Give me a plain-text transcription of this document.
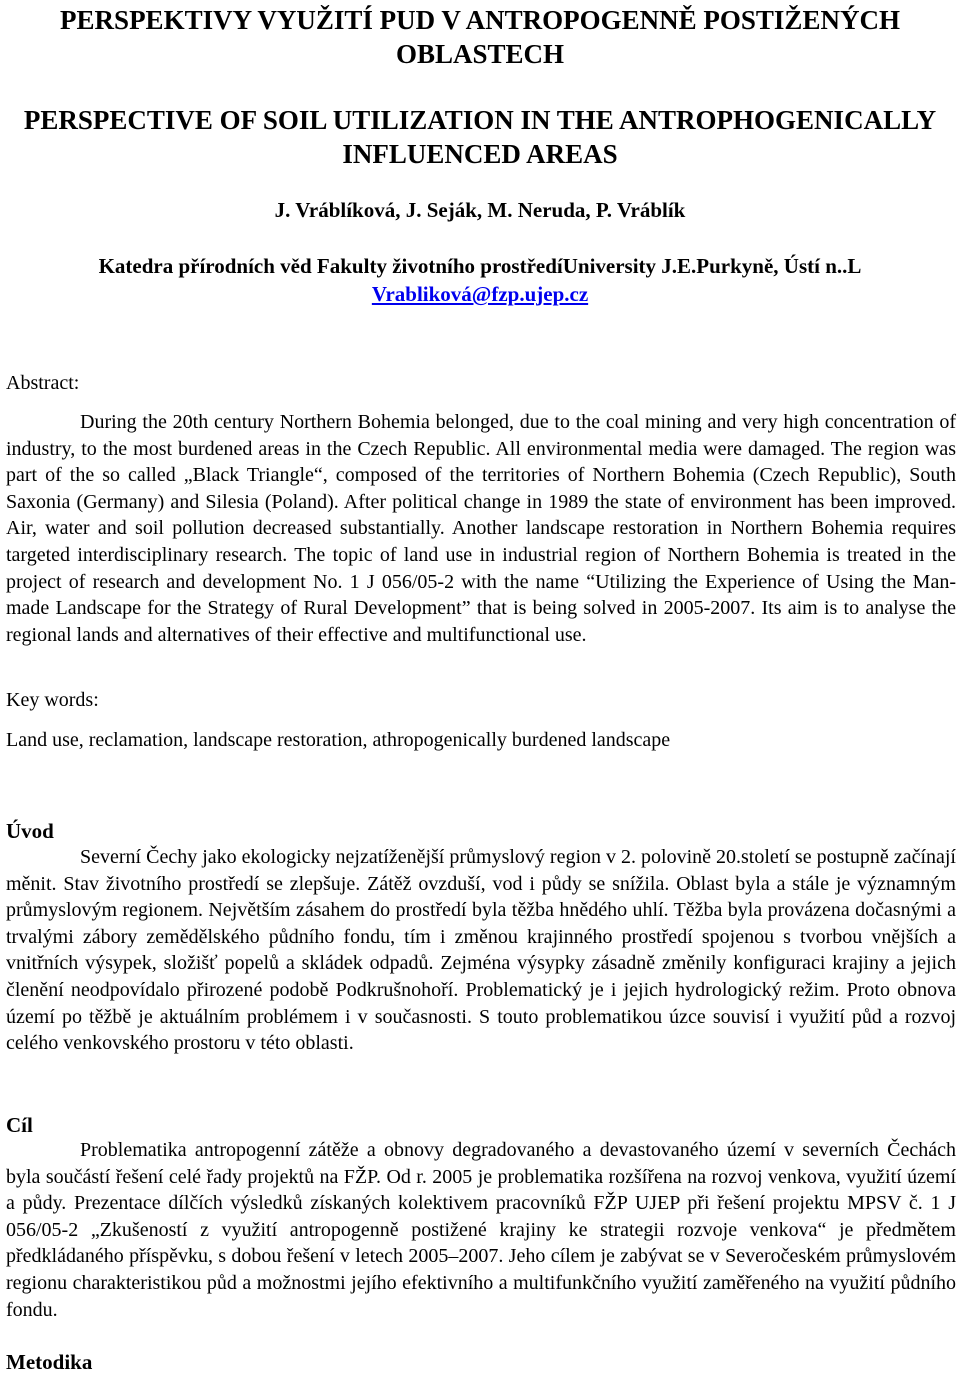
PERSPEKTIVY VYUŽITÍ PUD V ANTROPOGENNĚ POSTIŽENÝCH OBLASTECH
PERSPECTIVE OF SOIL UTILIZATION IN THE ANTROPHOGENICALLY INFLUENCED AREAS

J. Vráblíková, J. Seják, M. Neruda, P. Vráblík

Katedra přírodních věd Fakulty životního prostředíUniversity J.E.Purkyně, Ústí n..L
Vrabliková@fzp.ujep.cz

Abstract:

During the 20th century Northern Bohemia belonged, due to the coal mining and very high concentration of industry, to the most burdened areas in the Czech Republic. All environmental media were damaged. The region was part of the so called „Black Triangle“, composed of the territories of Northern Bohemia (Czech Republic), South Saxonia (Germany) and Silesia (Poland). After political change in 1989 the state of environment has been improved. Air, water and soil pollution decreased substantially. Another landscape restoration in Northern Bohemia requires targeted interdisciplinary research. The topic of land use in industrial region of Northern Bohemia is treated in the project of research and development No. 1 J 056/05-2 with the name “Utilizing the Experience of Using the Man-made Landscape for the Strategy of Rural Development” that is being solved in 2005-2007. Its aim is to analyse the regional lands and alternatives of their effective and multifunctional use.

Key words:

Land use, reclamation, landscape restoration, athropogenically burdened landscape

Úvod

Severní Čechy jako ekologicky nejzatíženější průmyslový region v 2. polovině 20.století se postupně začínají měnit. Stav životního prostředí se zlepšuje. Zátěž ovzduší, vod i půdy se snížila. Oblast byla a stále je významným průmyslovým regionem. Největším zásahem do prostředí byla těžba hnědého uhlí. Těžba byla provázena dočasnými a trvalými zábory zemědělského půdního fondu, tím i změnou krajinného prostředí spojenou s tvorbou vnějších a vnitřních výsypek, složišť popelů a skládek odpadů. Zejména výsypky zásadně změnily konfiguraci krajiny a jejich členění neodpovídalo přirozené podobě Podkrušnohoří. Problematický je i jejich hydrologický režim. Proto obnova území po těžbě je aktuálním problémem i v současnosti. S touto problematikou úzce souvisí i využití půd a rozvoj celého venkovského prostoru v této oblasti.

Cíl

Problematika antropogenní zátěže a obnovy degradovaného a devastovaného území v severních Čechách byla součástí řešení celé řady projektů na FŽP. Od r. 2005 je problematika rozšířena na rozvoj venkova, využití území a půdy. Prezentace dílčích výsledků získaných kolektivem pracovníků FŽP UJEP při řešení projektu MPSV č. 1 J 056/05-2 „Zkušeností z využití antropogenně postižené krajiny ke strategii rozvoje venkova“ je předmětem předkládaného příspěvku, s dobou řešení v letech 2005–2007. Jeho cílem je zabývat se v Severočeském průmyslovém regionu charakteristikou půd a možnostmi jejího efektivního a multifunkčního využití zaměřeného na využití půdního fondu.

Metodika
